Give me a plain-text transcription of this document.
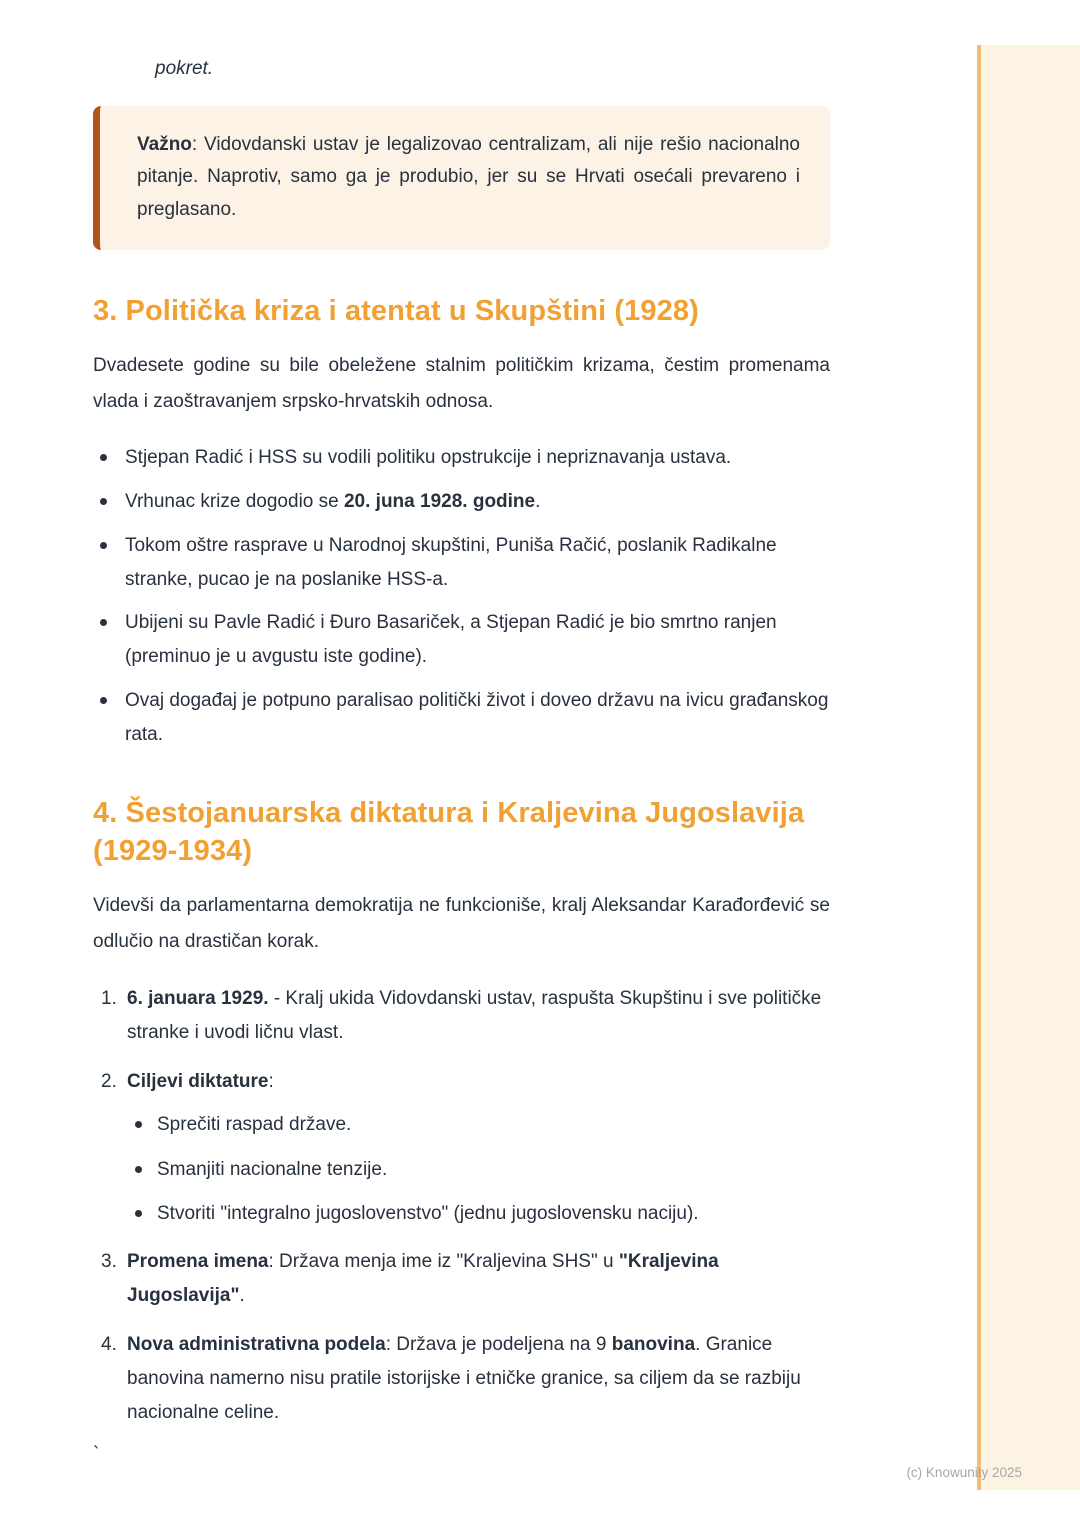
pokret.

Važno: Vidovdanski ustav je legalizovao centralizam, ali nije rešio nacionalno pitanje. Naprotiv, samo ga je produbio, jer su se Hrvati osećali prevareno i preglasano.

3. Politička kriza i atentat u Skupštini (1928)

Dvadesete godine su bile obeležene stalnim političkim krizama, čestim promenama vlada i zaoštravanjem srpsko-hrvatskih odnosa.

Stjepan Radić i HSS su vodili politiku opstrukcije i nepriznavanja ustava.
Vrhunac krize dogodio se 20. juna 1928. godine.
Tokom oštre rasprave u Narodnoj skupštini, Puniša Račić, poslanik Radikalne stranke, pucao je na poslanike HSS-a.
Ubijeni su Pavle Radić i Đuro Basariček, a Stjepan Radić je bio smrtno ranjen (preminuo je u avgustu iste godine).
Ovaj događaj je potpuno paralisao politički život i doveo državu na ivicu građanskog rata.
4. Šestojanuarska diktatura i Kraljevina Jugoslavija (1929-1934)

Videvši da parlamentarna demokratija ne funkcioniše, kralj Aleksandar Karađorđević se odlučio na drastičan korak.

6. januara 1929. - Kralj ukida Vidovdanski ustav, raspušta Skupštinu i sve političke stranke i uvodi ličnu vlast.
Ciljevi diktature:
Sprečiti raspad države.
Smanjiti nacionalne tenzije.
Stvoriti "integralno jugoslovenstvo" (jednu jugoslovensku naciju).
Promena imena: Država menja ime iz "Kraljevina SHS" u "Kraljevina Jugoslavija".
Nova administrativna podela: Država je podeljena na 9 banovina. Granice banovina namerno nisu pratile istorijske i etničke granice, sa ciljem da se razbiju nacionalne celine.

`

(c) Knowunity 2025
